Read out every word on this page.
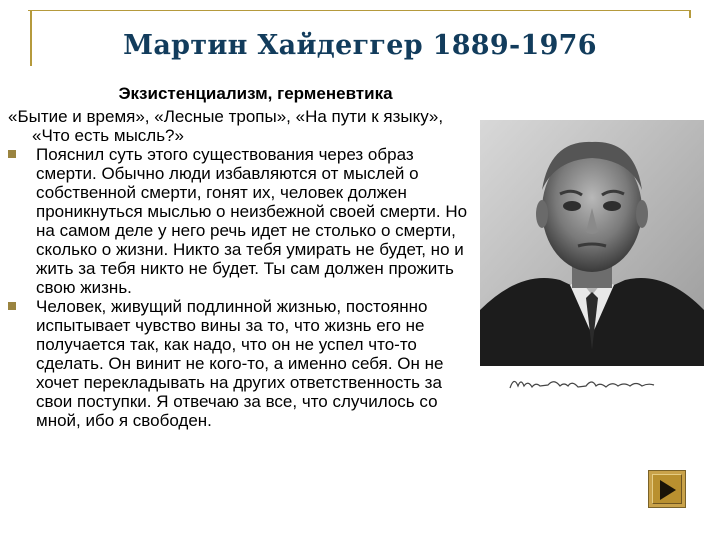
Мартин Хайдеггер 1889-1976

Экзистенциализм, герменевтика

«Бытие и время», «Лесные тропы», «На пути к языку», «Что есть мысль?»

Пояснил суть этого существования через образ смерти. Обычно люди избавляются от мыслей о собственной смерти, гонят их, человек должен проникнуться мыслью о неизбежной своей смерти. Но на самом деле у него речь идет не столько о смерти, сколько о жизни. Никто за тебя умирать не будет, но и жить за тебя никто не будет. Ты сам должен прожить свою жизнь.
Человек, живущий подлинной жизнью, постоянно испытывает чувство вины за то, что жизнь его не получается так, как надо, что он не успел что-то сделать. Он винит не кого-то, а именно себя. Он не хочет перекладывать на других ответственность за свои поступки. Я отвечаю за все, что случилось со мной, ибо я свободен.
